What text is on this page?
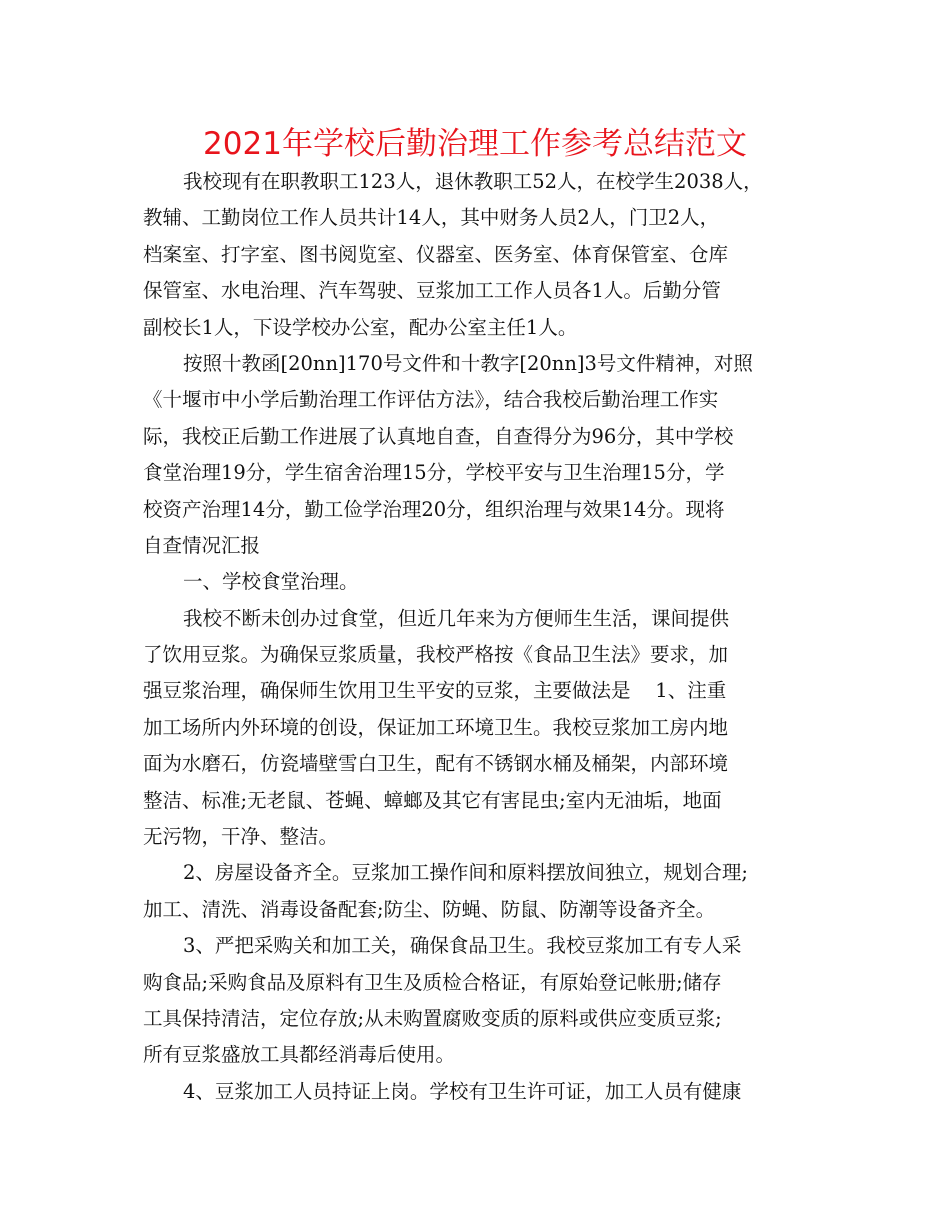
2021年学校后勤治理工作参考总结范文
我校现有在职教职工123人，退休教职工52人，在校学生2038人，
教辅、工勤岗位工作人员共计14人，其中财务人员2人，门卫2人，
档案室、打字室、图书阅览室、仪器室、医务室、体育保管室、仓库
保管室、水电治理、汽车驾驶、豆浆加工工作人员各1人。后勤分管
副校长1人，下设学校办公室，配办公室主任1人。
按照十教函[20nn]170号文件和十教字[20nn]3号文件精神，对照
《十堰市中小学后勤治理工作评估方法》，结合我校后勤治理工作实
际，我校正后勤工作进展了认真地自查，自查得分为96分，其中学校
食堂治理19分，学生宿舍治理15分，学校平安与卫生治理15分，学
校资产治理14分，勤工俭学治理20分，组织治理与效果14分。现将
自查情况汇报
一、学校食堂治理。
我校不断未创办过食堂，但近几年来为方便师生生活，课间提供
了饮用豆浆。为确保豆浆质量，我校严格按《食品卫生法》要求，加
强豆浆治理，确保师生饮用卫生平安的豆浆，主要做法是    1、注重
加工场所内外环境的创设，保证加工环境卫生。我校豆浆加工房内地
面为水磨石，仿瓷墙壁雪白卫生，配有不锈钢水桶及桶架，内部环境
整洁、标准;无老鼠、苍蝇、蟑螂及其它有害昆虫;室内无油垢，地面
无污物，干净、整洁。
2、房屋设备齐全。豆浆加工操作间和原料摆放间独立，规划合理;
加工、清洗、消毒设备配套;防尘、防蝇、防鼠、防潮等设备齐全。
3、严把采购关和加工关，确保食品卫生。我校豆浆加工有专人采
购食品;采购食品及原料有卫生及质检合格证，有原始登记帐册;储存
工具保持清洁，定位存放;从未购置腐败变质的原料或供应变质豆浆;
所有豆浆盛放工具都经消毒后使用。
4、豆浆加工人员持证上岗。学校有卫生许可证，加工人员有健康
